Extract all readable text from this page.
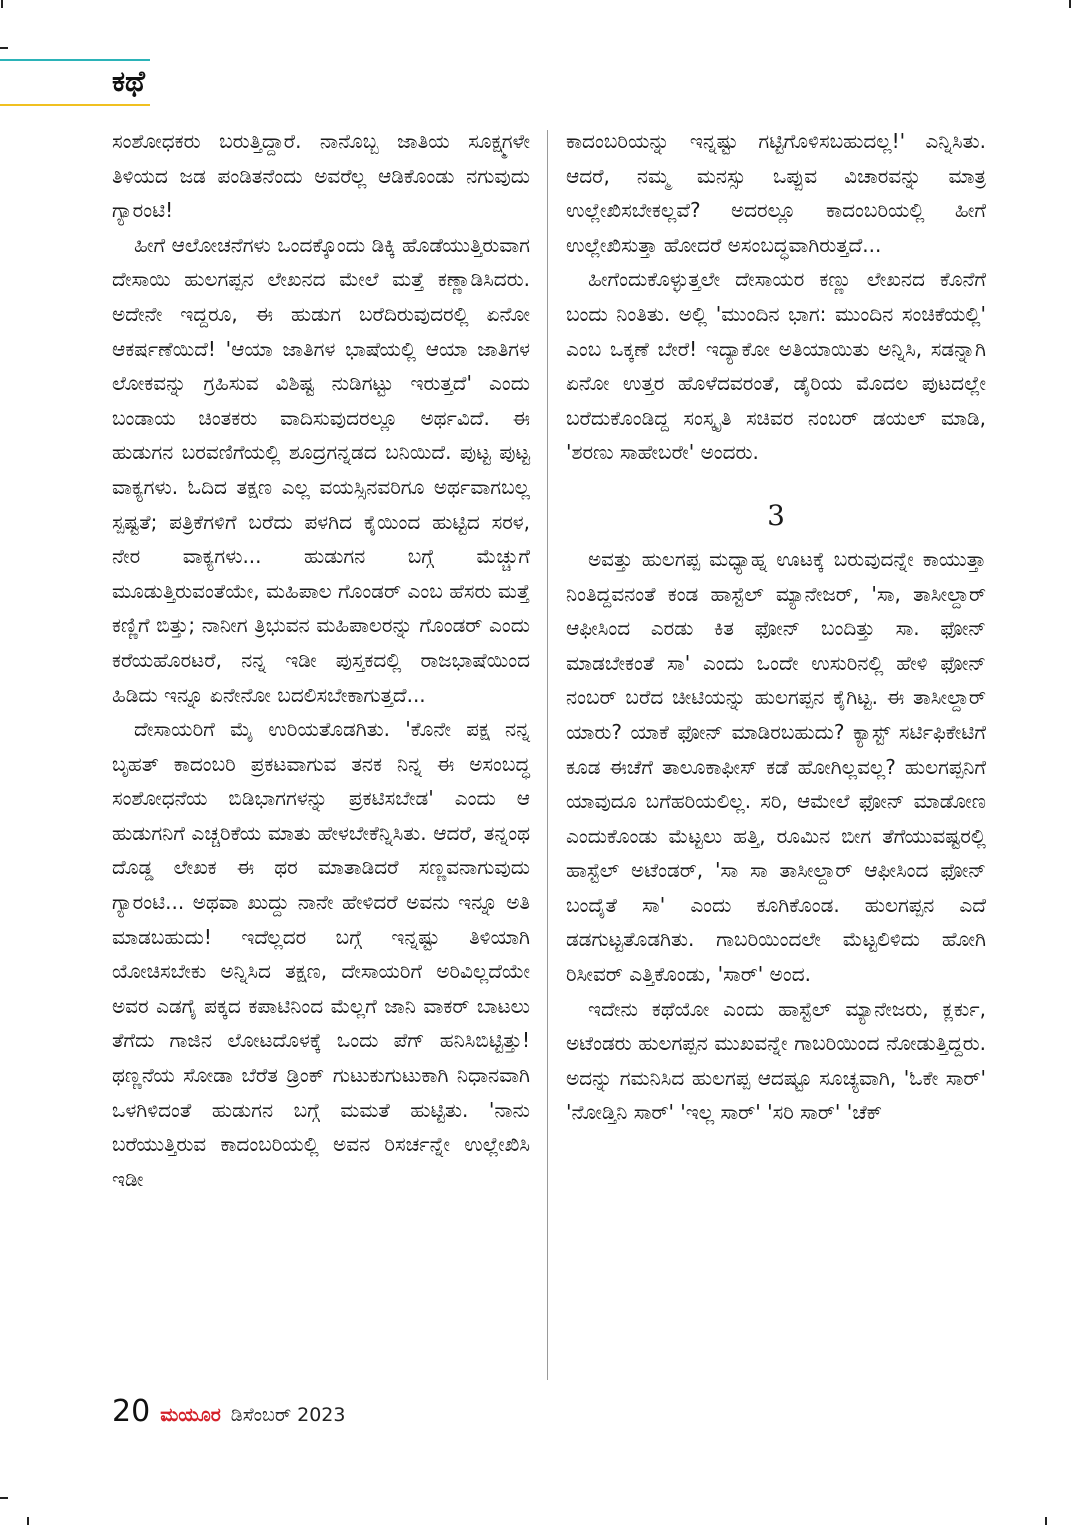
ಕಥೆ

ಸಂಶೋಧಕರು ಬರುತ್ತಿದ್ದಾರೆ. ನಾನೊಬ್ಬ ಜಾತಿಯ ಸೂಕ್ಷ್ಮಗಳೇ ತಿಳಿಯದ ಜಡ ಪಂಡಿತನೆಂದು ಅವರೆಲ್ಲ ಆಡಿಕೊಂಡು ನಗುವುದು ಗ್ಯಾರಂಟಿ!

ಹೀಗೆ ಆಲೋಚನೆಗಳು ಒಂದಕ್ಕೊಂದು ಡಿಕ್ಕಿ ಹೊಡೆಯುತ್ತಿರುವಾಗ ದೇಸಾಯಿ ಹುಲಗಪ್ಪನ ಲೇಖನದ ಮೇಲೆ ಮತ್ತೆ ಕಣ್ಣಾಡಿಸಿದರು. ಅದೇನೇ ಇದ್ದರೂ, ಈ ಹುಡುಗ ಬರೆದಿರುವುದರಲ್ಲಿ ಏನೋ ಆಕರ್ಷಣೆಯಿದೆ! 'ಆಯಾ ಜಾತಿಗಳ ಭಾಷೆಯಲ್ಲಿ ಆಯಾ ಜಾತಿಗಳ ಲೋಕವನ್ನು ಗ್ರಹಿಸುವ ವಿಶಿಷ್ಟ ನುಡಿಗಟ್ಟು ಇರುತ್ತದೆ' ಎಂದು ಬಂಡಾಯ ಚಿಂತಕರು ವಾದಿಸುವುದರಲ್ಲೂ ಅರ್ಥವಿದೆ. ಈ ಹುಡುಗನ ಬರವಣಿಗೆಯಲ್ಲಿ ಶೂದ್ರಗನ್ನಡದ ಬನಿಯಿದೆ. ಪುಟ್ಟ ಪುಟ್ಟ ವಾಕ್ಯಗಳು. ಓದಿದ ತಕ್ಷಣ ಎಲ್ಲ ವಯಸ್ಸಿನವರಿಗೂ ಅರ್ಥವಾಗಬಲ್ಲ ಸ್ಪಷ್ಟತೆ; ಪತ್ರಿಕೆಗಳಿಗೆ ಬರೆದು ಪಳಗಿದ ಕೈಯಿಂದ ಹುಟ್ಟಿದ ಸರಳ, ನೇರ ವಾಕ್ಯಗಳು... ಹುಡುಗನ ಬಗ್ಗೆ ಮೆಚ್ಚುಗೆ ಮೂಡುತ್ತಿರುವಂತೆಯೇ, ಮಹಿಪಾಲ ಗೊಂಡರ್ ಎಂಬ ಹೆಸರು ಮತ್ತೆ ಕಣ್ಣಿಗೆ ಬಿತ್ತು; ನಾನೀಗ ತ್ರಿಭುವನ ಮಹಿಪಾಲರನ್ನು ಗೊಂಡರ್ ಎಂದು ಕರೆಯಹೊರಟರೆ, ನನ್ನ ಇಡೀ ಪುಸ್ತಕದಲ್ಲಿ ರಾಜಭಾಷೆಯಿಂದ ಹಿಡಿದು ಇನ್ನೂ ಏನೇನೋ ಬದಲಿಸಬೇಕಾಗುತ್ತದೆ...

ದೇಸಾಯರಿಗೆ ಮೈ ಉರಿಯತೊಡಗಿತು. 'ಕೊನೇ ಪಕ್ಷ ನನ್ನ ಬೃಹತ್ ಕಾದಂಬರಿ ಪ್ರಕಟವಾಗುವ ತನಕ ನಿನ್ನ ಈ ಅಸಂಬದ್ಧ ಸಂಶೋಧನೆಯ ಬಿಡಿಭಾಗಗಳನ್ನು ಪ್ರಕಟಿಸಬೇಡ' ಎಂದು ಆ ಹುಡುಗನಿಗೆ ಎಚ್ಚರಿಕೆಯ ಮಾತು ಹೇಳಬೇಕೆನ್ನಿಸಿತು. ಆದರೆ, ತನ್ನಂಥ ದೊಡ್ಡ ಲೇಖಕ ಈ ಥರ ಮಾತಾಡಿದರೆ ಸಣ್ಣವನಾಗುವುದು ಗ್ಯಾರಂಟಿ... ಅಥವಾ ಖುದ್ದು ನಾನೇ ಹೇಳಿದರೆ ಅವನು ಇನ್ನೂ ಅತಿ ಮಾಡಬಹುದು! ಇದೆಲ್ಲದರ ಬಗ್ಗೆ ಇನ್ನಷ್ಟು ತಿಳಿಯಾಗಿ ಯೋಚಿಸಬೇಕು ಅನ್ನಿಸಿದ ತಕ್ಷಣ, ದೇಸಾಯರಿಗೆ ಅರಿವಿಲ್ಲದೆಯೇ ಅವರ ಎಡಗೈ ಪಕ್ಕದ ಕಪಾಟಿನಿಂದ ಮೆಲ್ಲಗೆ ಜಾನಿ ವಾಕರ್ ಬಾಟಲು ತೆಗೆದು ಗಾಜಿನ ಲೋಟದೊಳಕ್ಕೆ ಒಂದು ಪೆಗ್ ಹನಿಸಿಬಿಟ್ಟಿತ್ತು! ಥಣ್ಣನೆಯ ಸೋಡಾ ಬೆರೆತ ಡ್ರಿಂಕ್ ಗುಟುಕುಗುಟುಕಾಗಿ ನಿಧಾನವಾಗಿ ಒಳಗಿಳಿದಂತೆ ಹುಡುಗನ ಬಗ್ಗೆ ಮಮತೆ ಹುಟ್ಟಿತು. 'ನಾನು ಬರೆಯುತ್ತಿರುವ ಕಾದಂಬರಿಯಲ್ಲಿ ಅವನ ರಿಸರ್ಚನ್ನೇ ಉಲ್ಲೇಖಿಸಿ ಇಡೀ

ಕಾದಂಬರಿಯನ್ನು ಇನ್ನಷ್ಟು ಗಟ್ಟಿಗೊಳಿಸಬಹುದಲ್ಲ!' ಎನ್ನಿಸಿತು. ಆದರೆ, ನಮ್ಮ ಮನಸ್ಸು ಒಪ್ಪುವ ವಿಚಾರವನ್ನು ಮಾತ್ರ ಉಲ್ಲೇಖಿಸಬೇಕಲ್ಲವೆ? ಅದರಲ್ಲೂ ಕಾದಂಬರಿಯಲ್ಲಿ ಹೀಗೆ ಉಲ್ಲೇಖಿಸುತ್ತಾ ಹೋದರೆ ಅಸಂಬದ್ಧವಾಗಿರುತ್ತದೆ...

ಹೀಗೆಂದುಕೊಳ್ಳುತ್ತಲೇ ದೇಸಾಯರ ಕಣ್ಣು ಲೇಖನದ ಕೊನೆಗೆ ಬಂದು ನಿಂತಿತು. ಅಲ್ಲಿ 'ಮುಂದಿನ ಭಾಗ: ಮುಂದಿನ ಸಂಚಿಕೆಯಲ್ಲಿ' ಎಂಬ ಒಕ್ಕಣೆ ಬೇರೆ! ಇದ್ಯಾಕೋ ಅತಿಯಾಯಿತು ಅನ್ನಿಸಿ, ಸಡನ್ನಾಗಿ ಏನೋ ಉತ್ತರ ಹೊಳೆದವರಂತೆ, ಡೈರಿಯ ಮೊದಲ ಪುಟದಲ್ಲೇ ಬರೆದುಕೊಂಡಿದ್ದ ಸಂಸ್ಕೃತಿ ಸಚಿವರ ನಂಬರ್ ಡಯಲ್ ಮಾಡಿ, 'ಶರಣು ಸಾಹೇಬರೇ' ಅಂದರು.

3

ಅವತ್ತು ಹುಲಗಪ್ಪ ಮಧ್ಯಾಹ್ನ ಊಟಕ್ಕೆ ಬರುವುದನ್ನೇ ಕಾಯುತ್ತಾ ನಿಂತಿದ್ದವನಂತೆ ಕಂಡ ಹಾಸ್ಟೆಲ್ ಮ್ಯಾನೇಜರ್, 'ಸಾ, ತಾಸೀಲ್ದಾರ್ ಆಫೀಸಿಂದ ಎರಡು ಕಿತ ಫೋನ್ ಬಂದಿತ್ತು ಸಾ. ಫೋನ್ ಮಾಡಬೇಕಂತೆ ಸಾ' ಎಂದು ಒಂದೇ ಉಸುರಿನಲ್ಲಿ ಹೇಳಿ ಫೋನ್ ನಂಬರ್ ಬರೆದ ಚೀಟಿಯನ್ನು ಹುಲಗಪ್ಪನ ಕೈಗಿಟ್ಟ. ಈ ತಾಸೀಲ್ದಾರ್ ಯಾರು? ಯಾಕೆ ಫೋನ್ ಮಾಡಿರಬಹುದು? ಕ್ಯಾಸ್ಟ್ ಸರ್ಟಿಫಿಕೇಟಿಗೆ ಕೂಡ ಈಚೆಗೆ ತಾಲೂಕಾಫೀಸ್ ಕಡೆ ಹೋಗಿಲ್ಲವಲ್ಲ? ಹುಲಗಪ್ಪನಿಗೆ ಯಾವುದೂ ಬಗೆಹರಿಯಲಿಲ್ಲ. ಸರಿ, ಆಮೇಲೆ ಫೋನ್ ಮಾಡೋಣ ಎಂದುಕೊಂಡು ಮೆಟ್ಟಲು ಹತ್ತಿ, ರೂಮಿನ ಬೀಗ ತೆಗೆಯುವಷ್ಟರಲ್ಲಿ ಹಾಸ್ಟೆಲ್ ಅಟೆಂಡರ್, 'ಸಾ ಸಾ ತಾಸೀಲ್ದಾರ್ ಆಫೀಸಿಂದ ಫೋನ್ ಬಂದೈತೆ ಸಾ' ಎಂದು ಕೂಗಿಕೊಂಡ. ಹುಲಗಪ್ಪನ ಎದೆ ಡಡಗುಟ್ಟತೊಡಗಿತು. ಗಾಬರಿಯಿಂದಲೇ ಮೆಟ್ಟಲಿಳಿದು ಹೋಗಿ ರಿಸೀವರ್ ಎತ್ತಿಕೊಂಡು, 'ಸಾರ್' ಅಂದ.

ಇದೇನು ಕಥೆಯೋ ಎಂದು ಹಾಸ್ಟೆಲ್ ಮ್ಯಾನೇಜರು, ಕ್ಲರ್ಕು, ಅಟೆಂಡರು ಹುಲಗಪ್ಪನ ಮುಖವನ್ನೇ ಗಾಬರಿಯಿಂದ ನೋಡುತ್ತಿದ್ದರು. ಅದನ್ನು ಗಮನಿಸಿದ ಹುಲಗಪ್ಪ ಆದಷ್ಟೂ ಸೂಚ್ಯವಾಗಿ, 'ಓಕೇ ಸಾರ್' 'ನೋಡ್ತಿನಿ ಸಾರ್' 'ಇಲ್ಲ ಸಾರ್' 'ಸರಿ ಸಾರ್' 'ಚೆಕ್

20 ಮಯೂರ ಡಿಸೆಂಬರ್ 2023
